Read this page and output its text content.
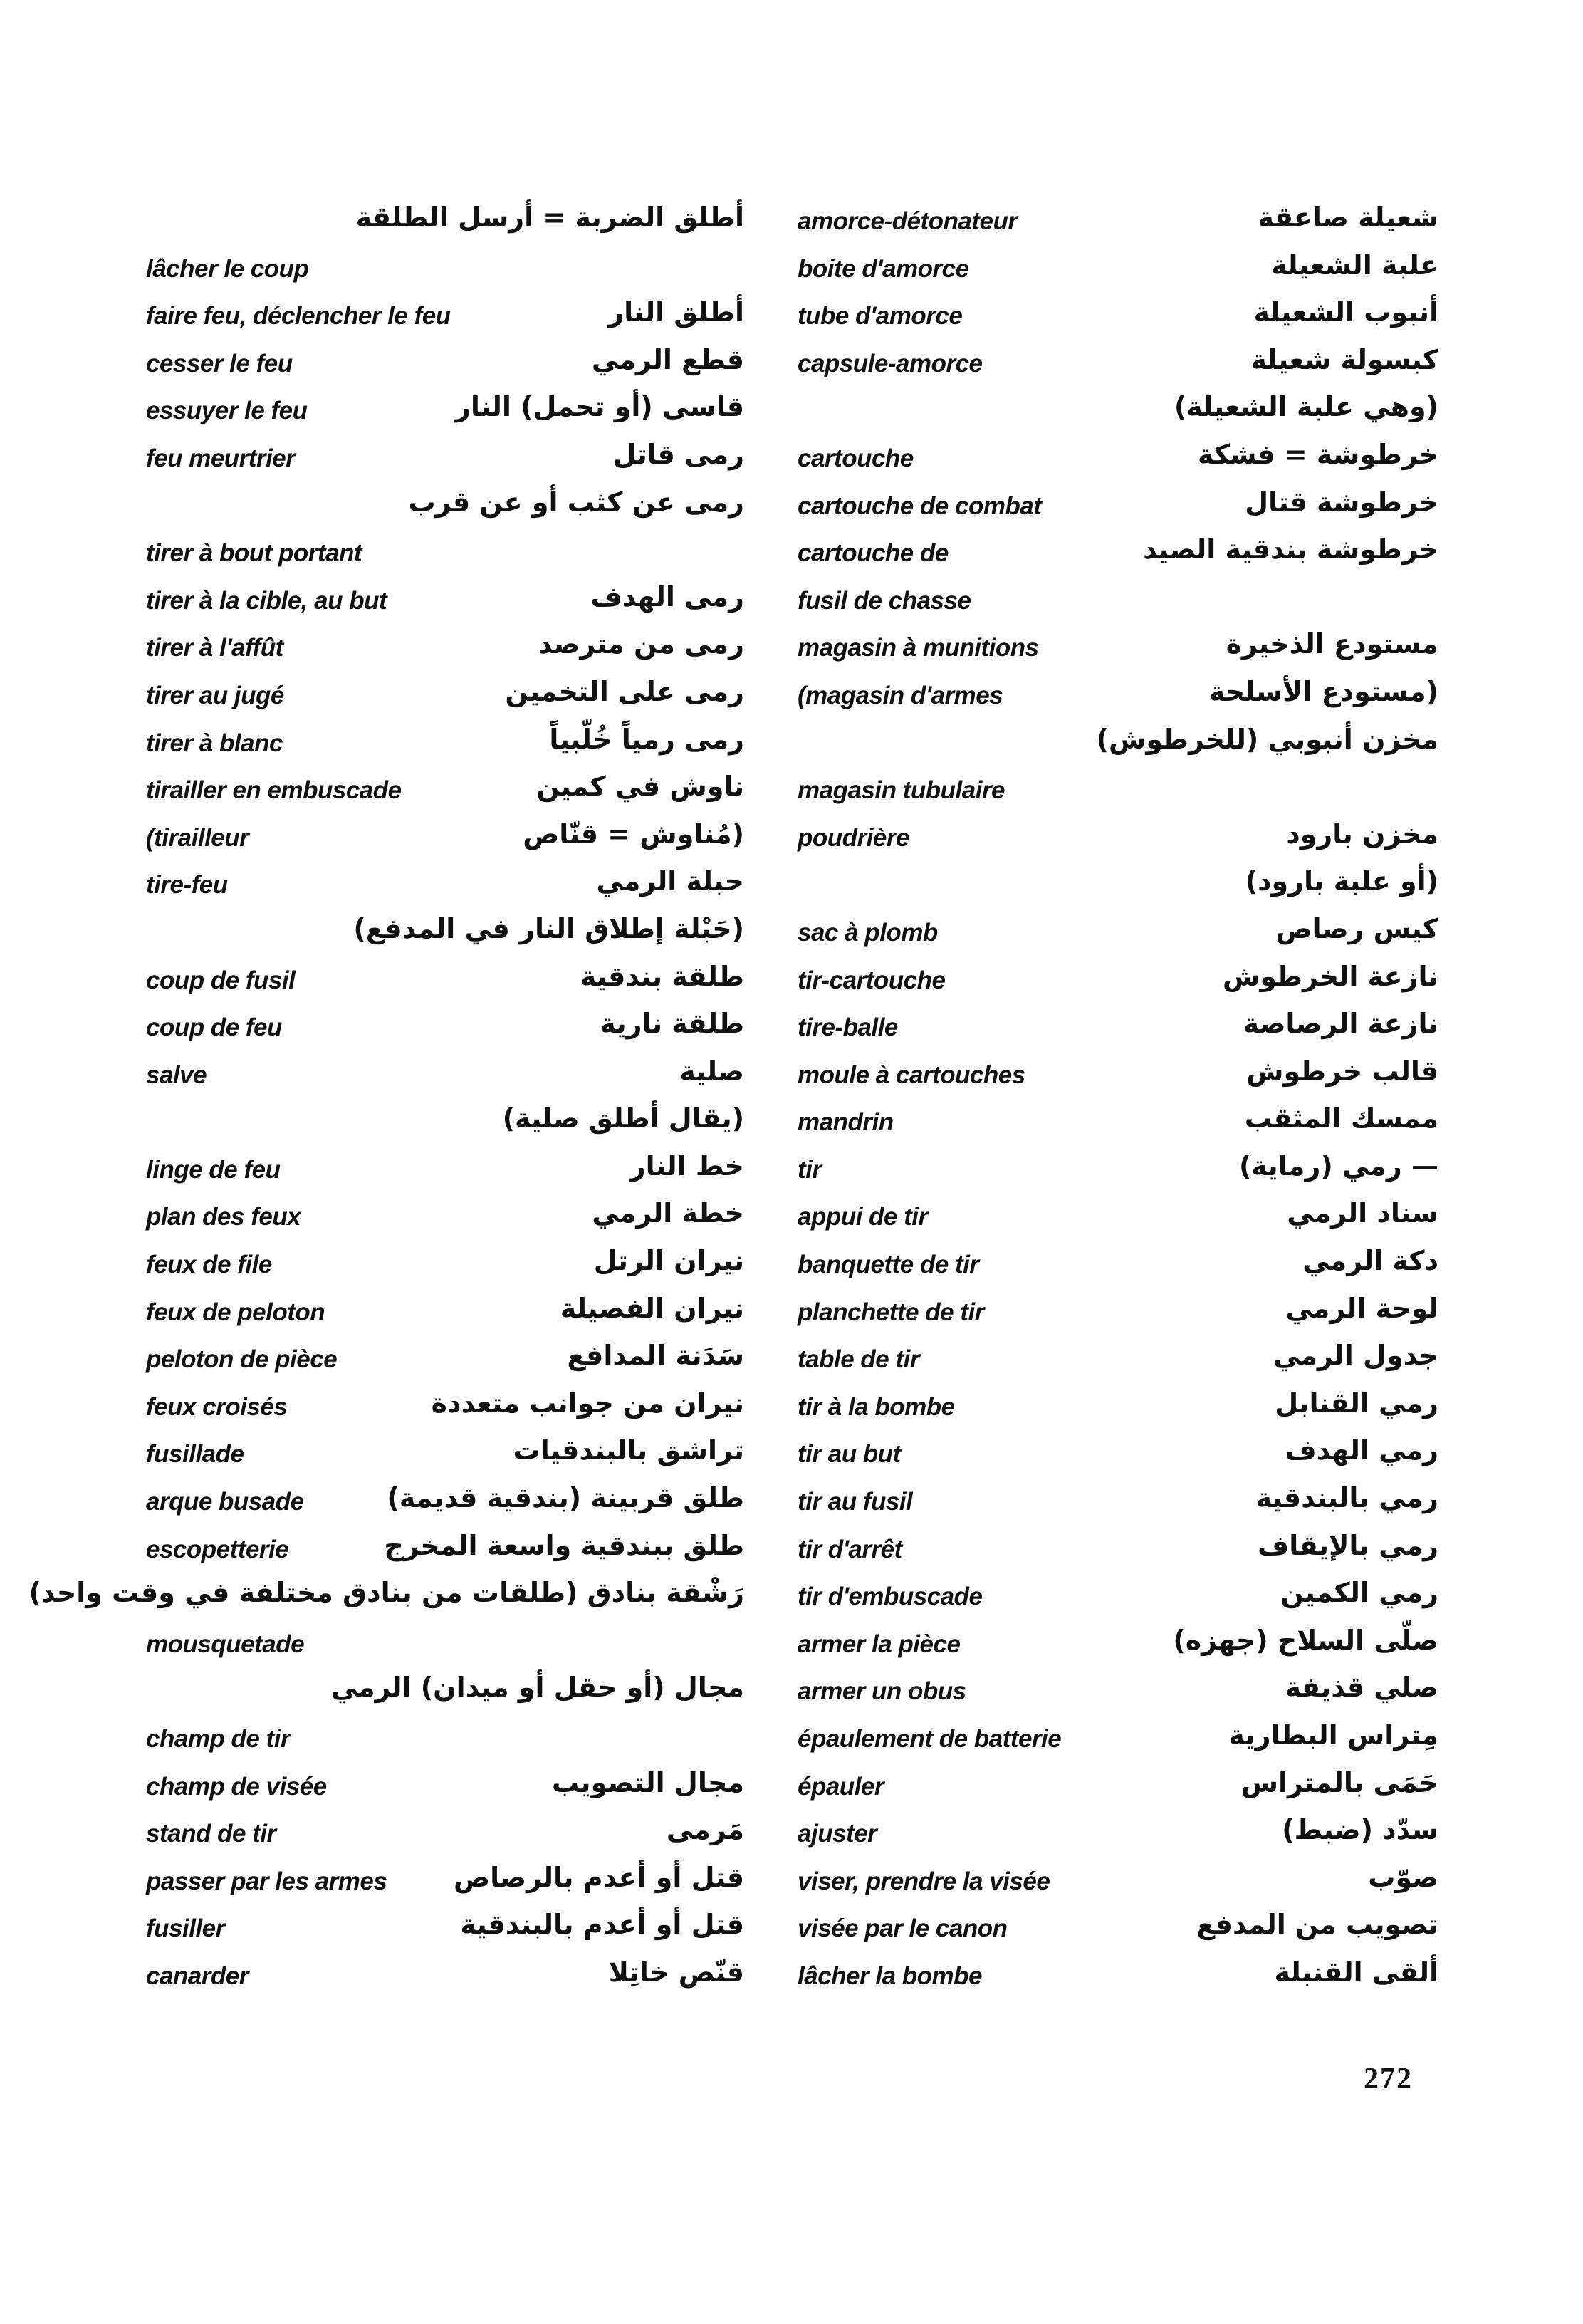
أطلق الضربة = أرسل الطلقة
lâcher le coup
faire feu, déclencher le feu	أطلق النار
cesser le feu	قطع الرمي
essuyer le feu	قاسى (أو تحمل) النار
feu meurtrier	رمى قاتل
رمى عن كثب أو عن قرب
tirer à bout portant
tirer à la cible, au but	رمى الهدف
tirer à l'affût	رمى من مترصد
tirer au jugé	رمى على التخمين
tirer à blanc	رمى رمياً خُلّبياً
tirailler en embuscade	ناوش في كمين
(tirailleur	(مُناوش = قنّاص
tire-feu	حبلة الرمي
(حَبْلة إطلاق النار في المدفع)
coup de fusil	طلقة بندقية
coup de feu	طلقة نارية
salve	صلية
(يقال أطلق صلية)
linge de feu	خط النار
plan des feux	خطة الرمي
feux de file	نيران الرتل
feux de peloton	نيران الفصيلة
peloton de pièce	سَدَنة المدافع
feux croisés	نيران من جوانب متعددة
fusillade	تراشق بالبندقيات
arque busade	طلق قربينة (بندقية قديمة)
escopetterie	طلق ببندقية واسعة المخرج
رَشْقة بنادق (طلقات من بنادق مختلفة في وقت واحد)
mousquetade
مجال (أو حقل أو ميدان) الرمي
champ de tir
champ de visée	مجال التصويب
stand de tir	مَرمى
passer par les armes قتل أو أعدم بالرصاص
fusiller	قتل أو أعدم بالبندقية
canarder	قنّص خاتِلا
amorce-détonateur	شعيلة صاعقة
boite d'amorce	علبة الشعيلة
tube d'amorce	أنبوب الشعيلة
capsule-amorce	كبسولة شعيلة
(وهي علبة الشعيلة)
cartouche	خرطوشة = فشكة
cartouche de combat	خرطوشة قتال
cartouche de	خرطوشة بندقية الصيد
fusil de chasse
magasin à munitions	مستودع الذخيرة
(magasin d'armes	(مستودع الأسلحة
مخزن أنبوبي (للخرطوش)
magasin tubulaire
poudrière	مخزن بارود
(أو علبة بارود)
sac à plomb	كيس رصاص
tir-cartouche	نازعة الخرطوش
tire-balle	نازعة الرصاصة
moule à cartouches	قالب خرطوش
mandrin	ممسك المثقب
tir	— رمي (رماية)
appui de tir	سناد الرمي
banquette de tir	دكة الرمي
planchette de tir	لوحة الرمي
table de tir	جدول الرمي
tir à la bombe	رمي القنابل
tir au but	رمي الهدف
tir au fusil	رمي بالبندقية
tir d'arrêt	رمي بالإيقاف
tir d'embuscade	رمي الكمين
armer la pièce	صلّى السلاح (جهزه)
armer un obus	صلي قذيفة
épaulement de batterie	مِتراس البطارية
épauler	حَمَى بالمتراس
ajuster	سدّد (ضبط)
viser, prendre la visée	صوّب
visée par le canon	تصويب من المدفع
lâcher la bombe	ألقى القنبلة
272
